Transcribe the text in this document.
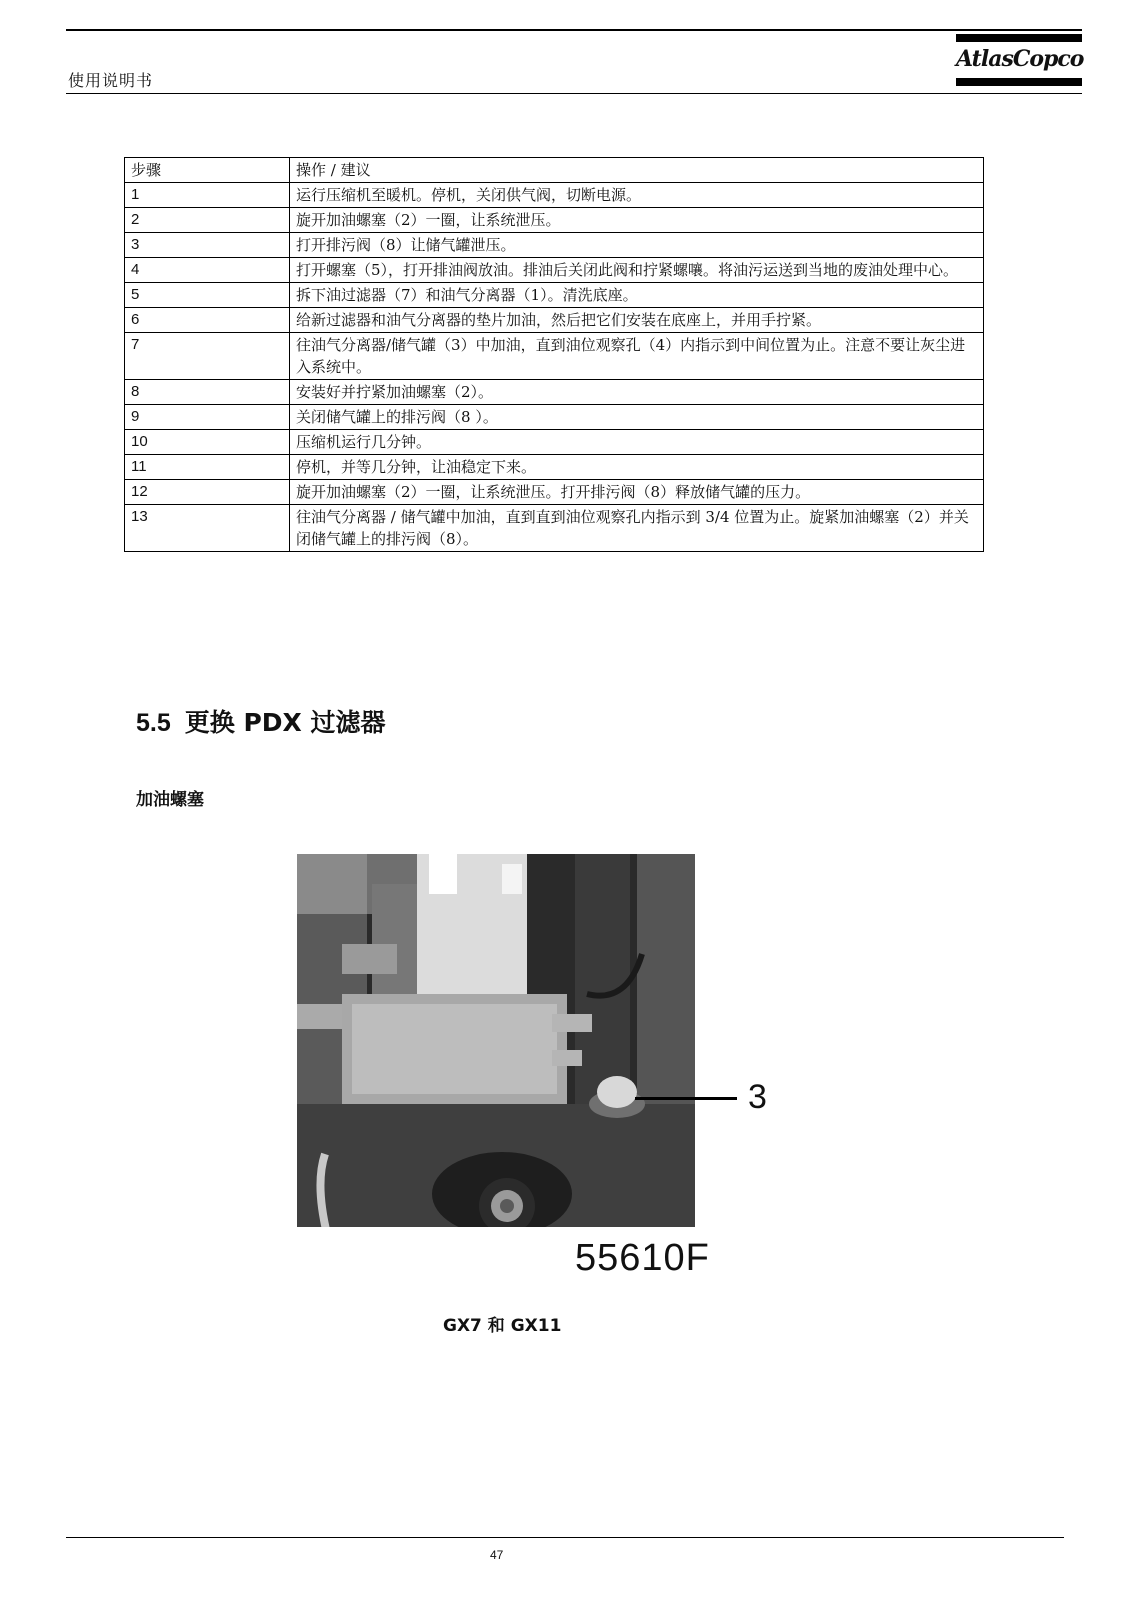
使用说明书
AtlasCopco
步骤	操作 / 建议
1	运行压缩机至暖机。停机，关闭供气阀，切断电源。
2	旋开加油螺塞（2）一圈，让系统泄压。
3	打开排污阀（8）让储气罐泄压。
4	打开螺塞（5），打开排油阀放油。排油后关闭此阀和拧紧螺嚷。将油污运送到当地的废油处理中心。
5	拆下油过滤器（7）和油气分离器（1）。清洗底座。
6	给新过滤器和油气分离器的垫片加油，然后把它们安装在底座上，并用手拧紧。
7	往油气分离器/储气罐（3）中加油，直到油位观察孔（4）内指示到中间位置为止。注意不要让灰尘进入系统中。
8	安装好并拧紧加油螺塞（2）。
9	关闭储气罐上的排污阀（8 ）。
10	压缩机运行几分钟。
11	停机，并等几分钟，让油稳定下来。
12	旋开加油螺塞（2）一圈，让系统泄压。打开排污阀（8）释放储气罐的压力。
13	往油气分离器 / 储气罐中加油，直到直到油位观察孔内指示到 3/4 位置为止。旋紧加油螺塞（2）并关闭储气罐上的排污阀（8）。
5.5 更换 PDX 过滤器
加油螺塞
3
55610F
GX7 和 GX11
47
